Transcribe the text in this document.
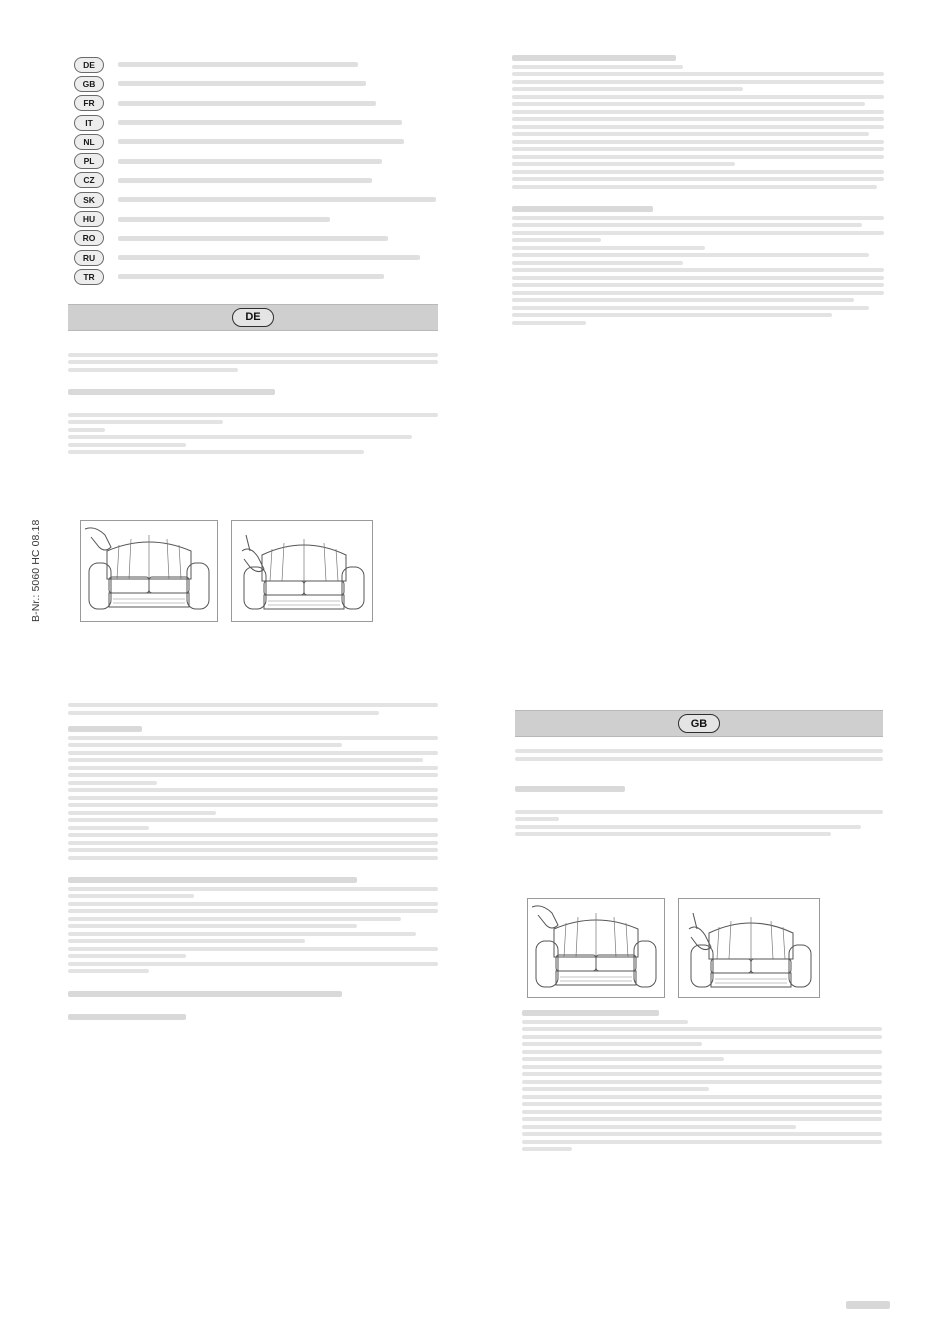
B-Nr.: 5060 HC 08.18
DE
GB
FR
IT
NL
PL
CZ
SK
HU
RO
RU
TR
DE
GB
